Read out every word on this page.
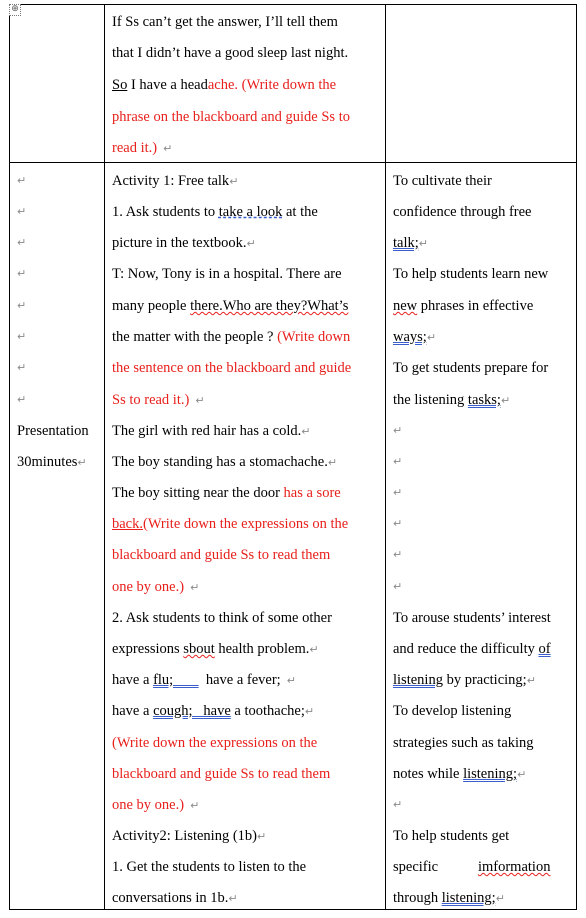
⊕
If Ss can’t get the answer, I’ll tell them
that I didn’t have a good sleep last night.
So I have a headache. (Write down the
phrase on the blackboard and guide Ss to
read it.) ↵
↵
↵
↵
↵
↵
↵
↵
↵
Presentation
30minutes↵
Activity 1: Free talk↵
1. Ask students to take a look at the
picture in the textbook.↵
T: Now, Tony is in a hospital. There are
many people there.Who are they?What’s
the matter with the people ? (Write down
the sentence on the blackboard and guide
Ss to read it.) ↵
The girl with red hair has a cold.↵
The boy standing has a stomachache.↵
The boy sitting near the door has a sore
back.(Write down the expressions on the
blackboard and guide Ss to read them
one by one.) ↵
2. Ask students to think of some other
expressions sbout health problem.↵
have a flu;         have a fever; ↵
have a cough;   have a toothache;↵
(Write down the expressions on the
blackboard and guide Ss to read them
one by one.) ↵
Activity2: Listening (1b)↵
1. Get the students to listen to the
conversations in 1b.↵
To cultivate their
confidence through free
talk;↵
To help students learn new
new phrases in effective
ways;↵
To get students prepare for
the listening tasks;↵
↵
↵
↵
↵
↵
↵
To arouse students’ interest
and reduce the difficulty of
listening by practicing;↵
To develop listening
strategies such as taking
notes while listening;↵
↵
To help students get
specific           imformation
through listening;↵
